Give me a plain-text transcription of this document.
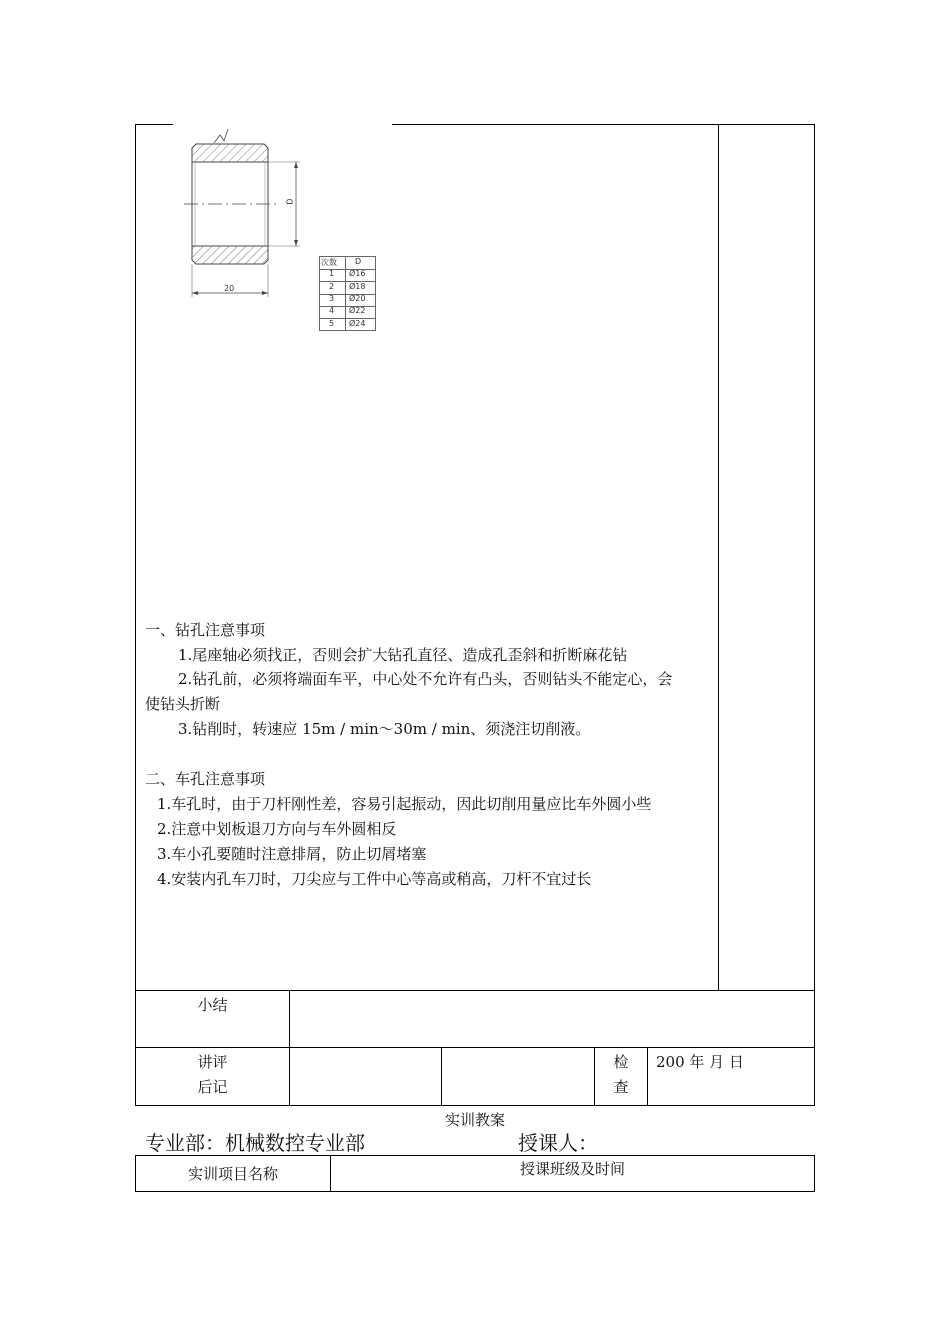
D
20
次数 D
1 Ø16
2 Ø18
3 Ø20
4 Ø22
5 Ø24
一、钻孔注意事项
1.尾座轴必须找正，否则会扩大钻孔直径、造成孔歪斜和折断麻花钻
2.钻孔前，必须将端面车平，中心处不允许有凸头，否则钻头不能定心，会
使钻头折断
3.钻削时，转速应 15m / min～30m / min、须浇注切削液。
二、车孔注意事项
1.车孔时，由于刀杆刚性差，容易引起振动，因此切削用量应比车外圆小些
2.注意中划板退刀方向与车外圆相反
3.车小孔要随时注意排屑，防止切屑堵塞
4.安装内孔车刀时，刀尖应与工件中心等高或稍高，刀杆不宜过长
小结
讲评
后记
检
查
200 年 月 日
实训教案
专业部：机械数控专业部	授课人：
实训项目名称	授课班级及时间
